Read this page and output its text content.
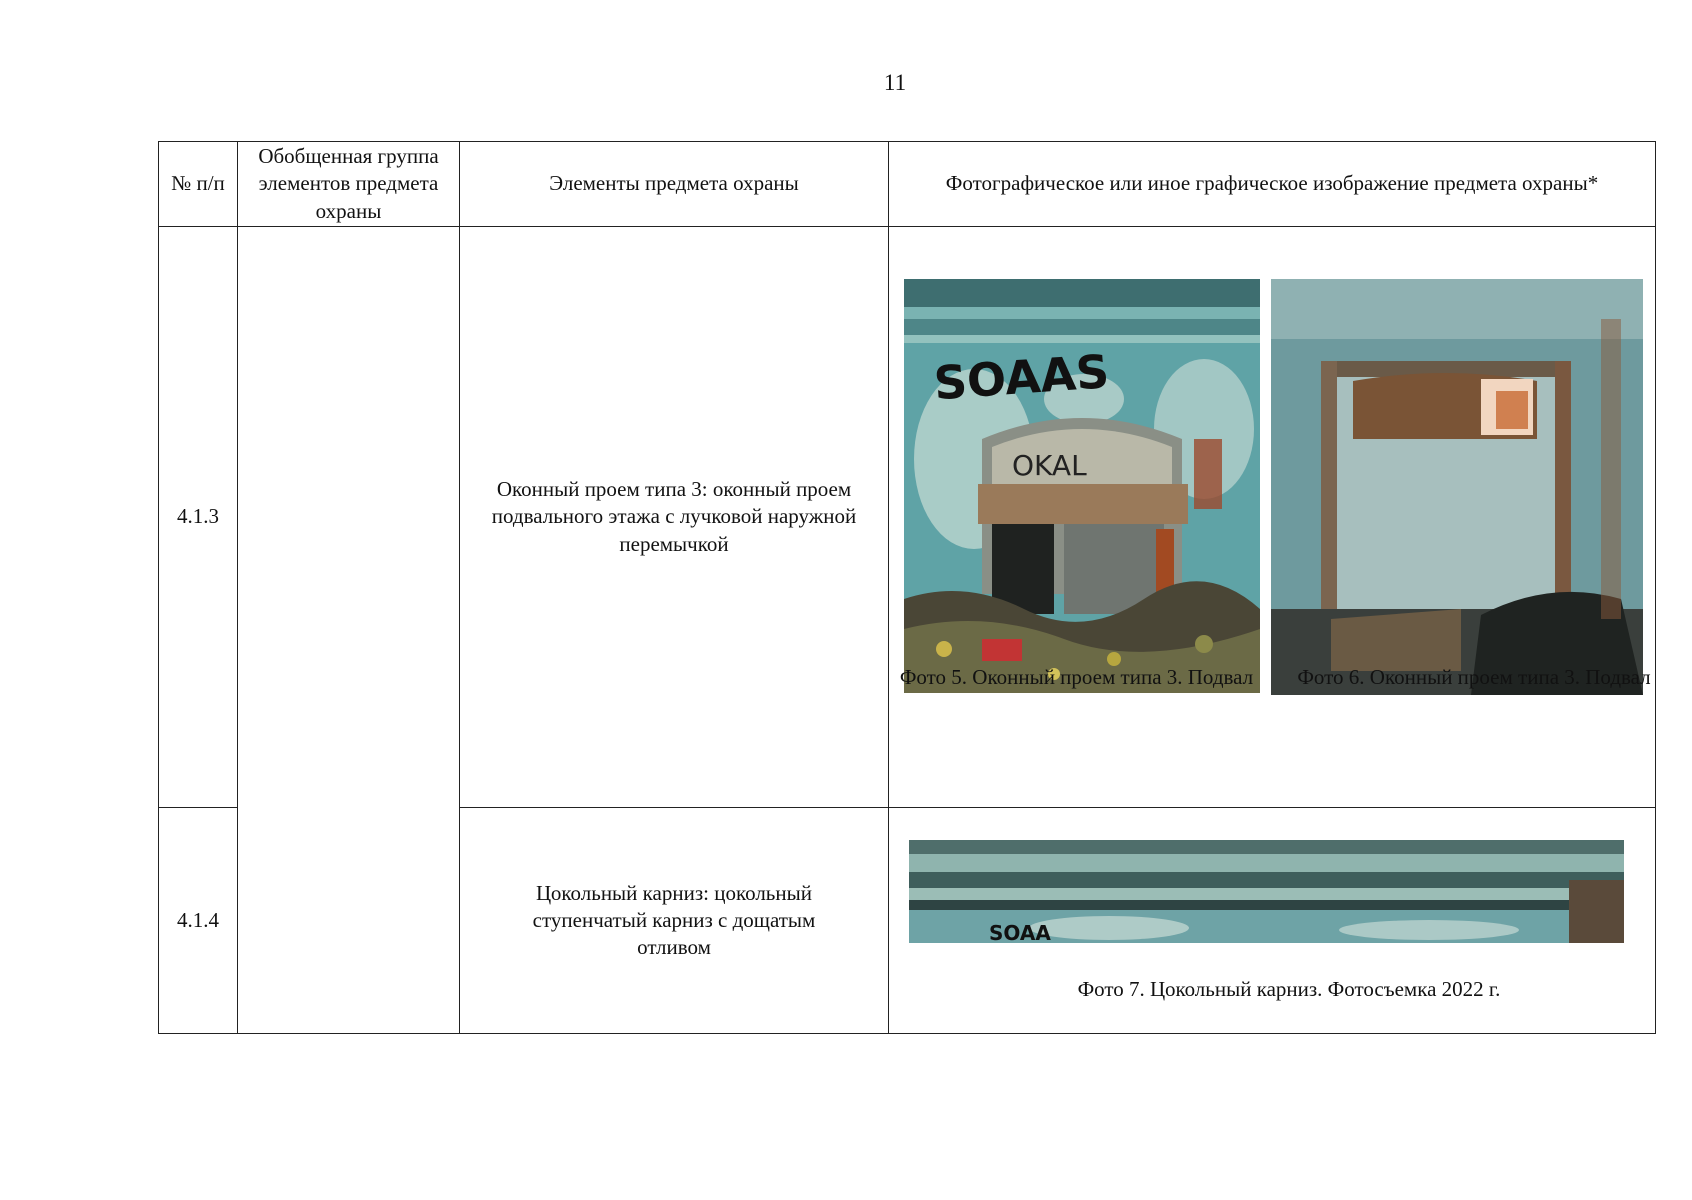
11
№ п/п	Обобщенная группа элементов предмета охраны	Элементы предмета охраны	Фотографическое или иное графическое изображение предмета охраны*
4.1.3		Оконный проем типа 3: оконный проем подвального этажа с лучковой наружной перемычкой	SOAAS
OKAL
Фото 5. Оконный проем типа 3. Подвал Фото 6. Оконный проем типа 3. Подвал

4.1.4		Цокольный карниз: цокольный ступенчатый карниз с дощатым отливом	SOAA
Фото 7. Цокольный карниз. Фотосъемка 2022 г.
